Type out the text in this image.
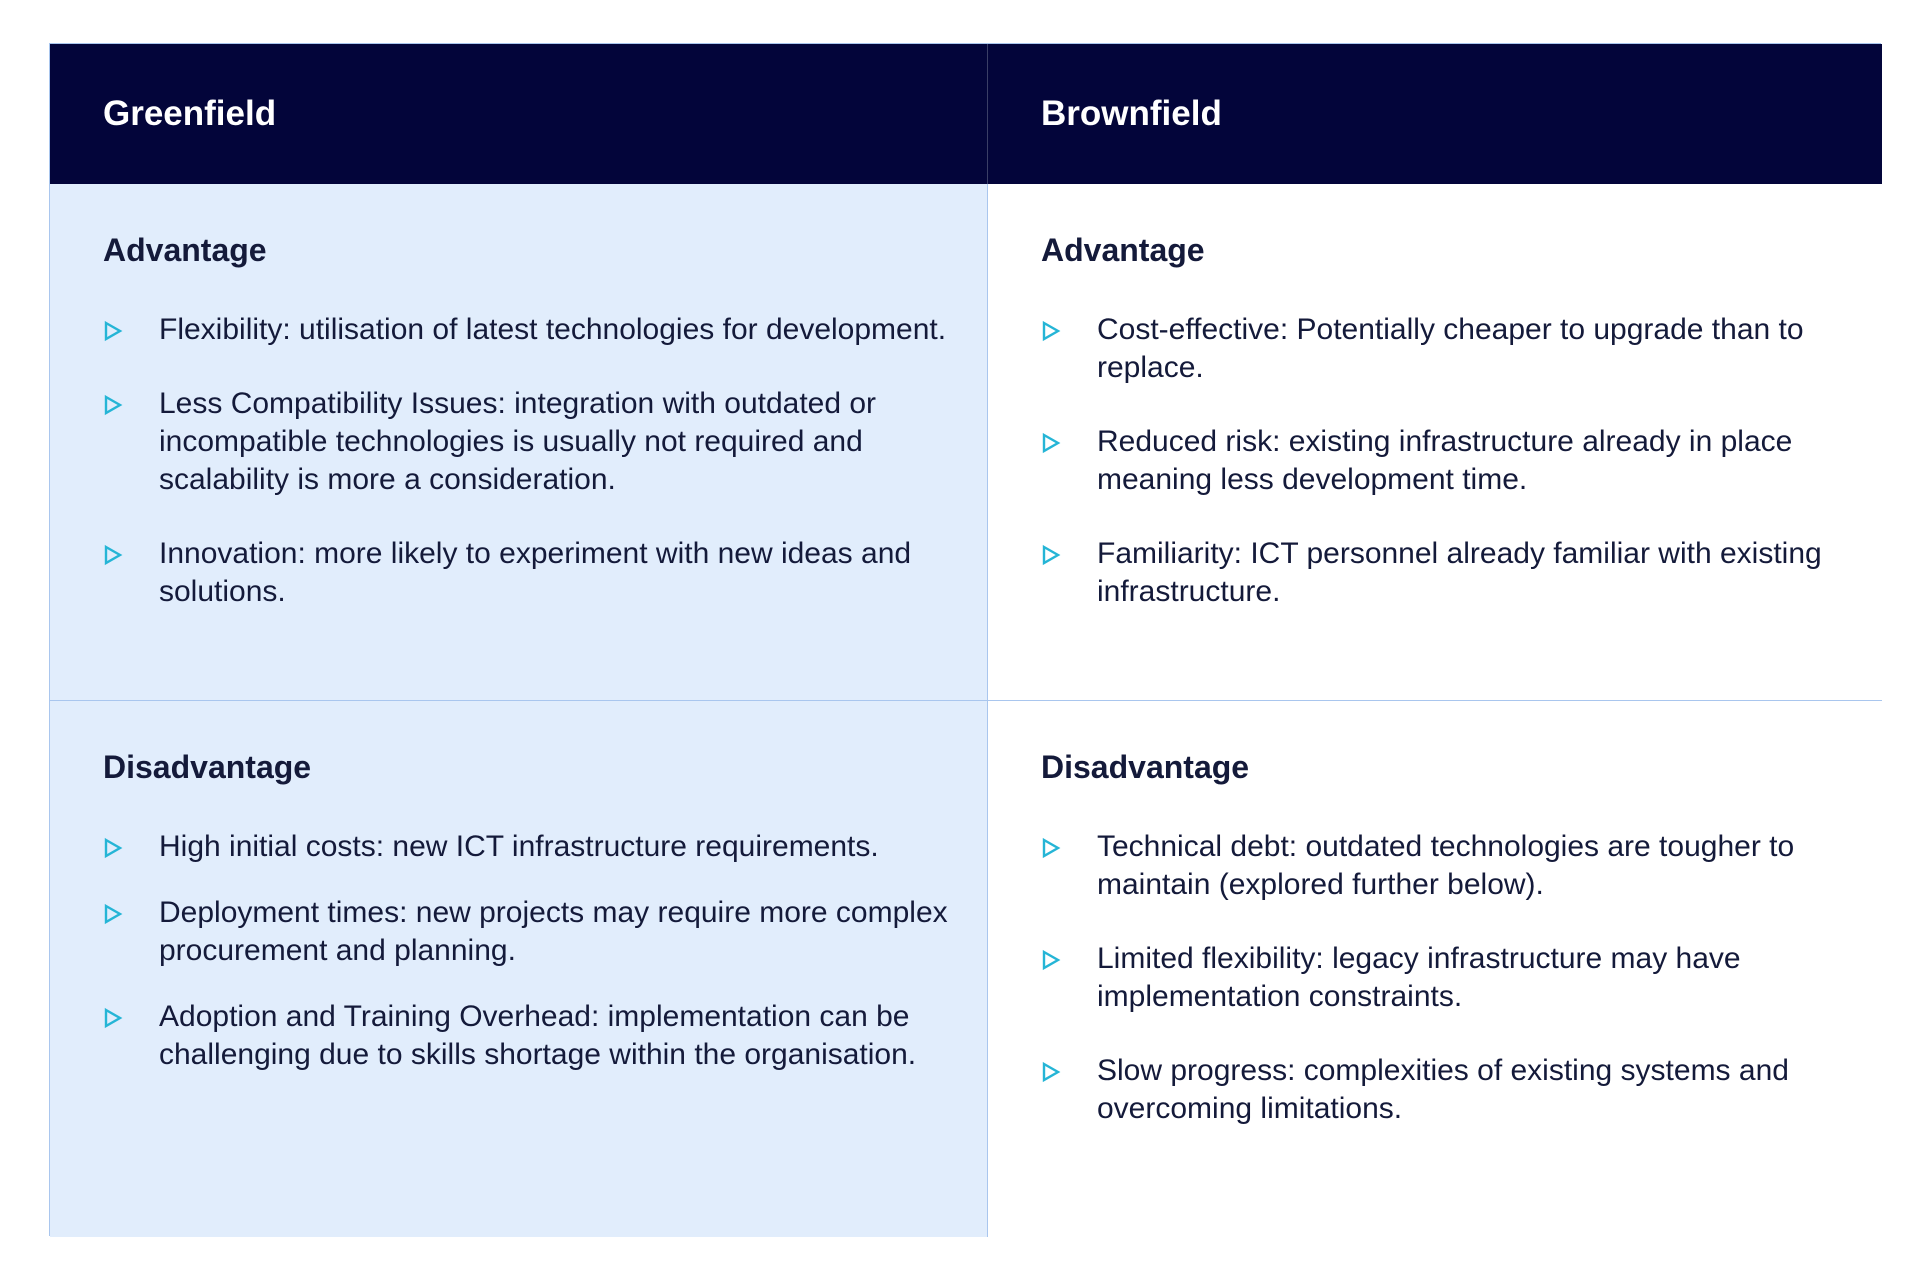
Greenfield	Brownfield
Advantage
Flexibility: utilisation of latest technologies for development.
Less Compatibility Issues: integration with outdated or incompatible technologies is usually not required and scalability is more a consideration.
Innovation: more likely to experiment with new ideas and solutions.
Advantage
Cost-effective: Potentially cheaper to upgrade than to replace.
Reduced risk: existing infrastructure already in place meaning less development time.
Familiarity: ICT personnel already familiar with existing infrastructure.
Disadvantage
High initial costs: new ICT infrastructure requirements.
Deployment times: new projects may require more complex procurement and planning.
Adoption and Training Overhead: implementation can be challenging due to skills shortage within the organisation.
Disadvantage
Technical debt: outdated technologies are tougher to maintain (explored further below).
Limited flexibility: legacy infrastructure may have implementation constraints.
Slow progress: complexities of existing systems and overcoming limitations.
